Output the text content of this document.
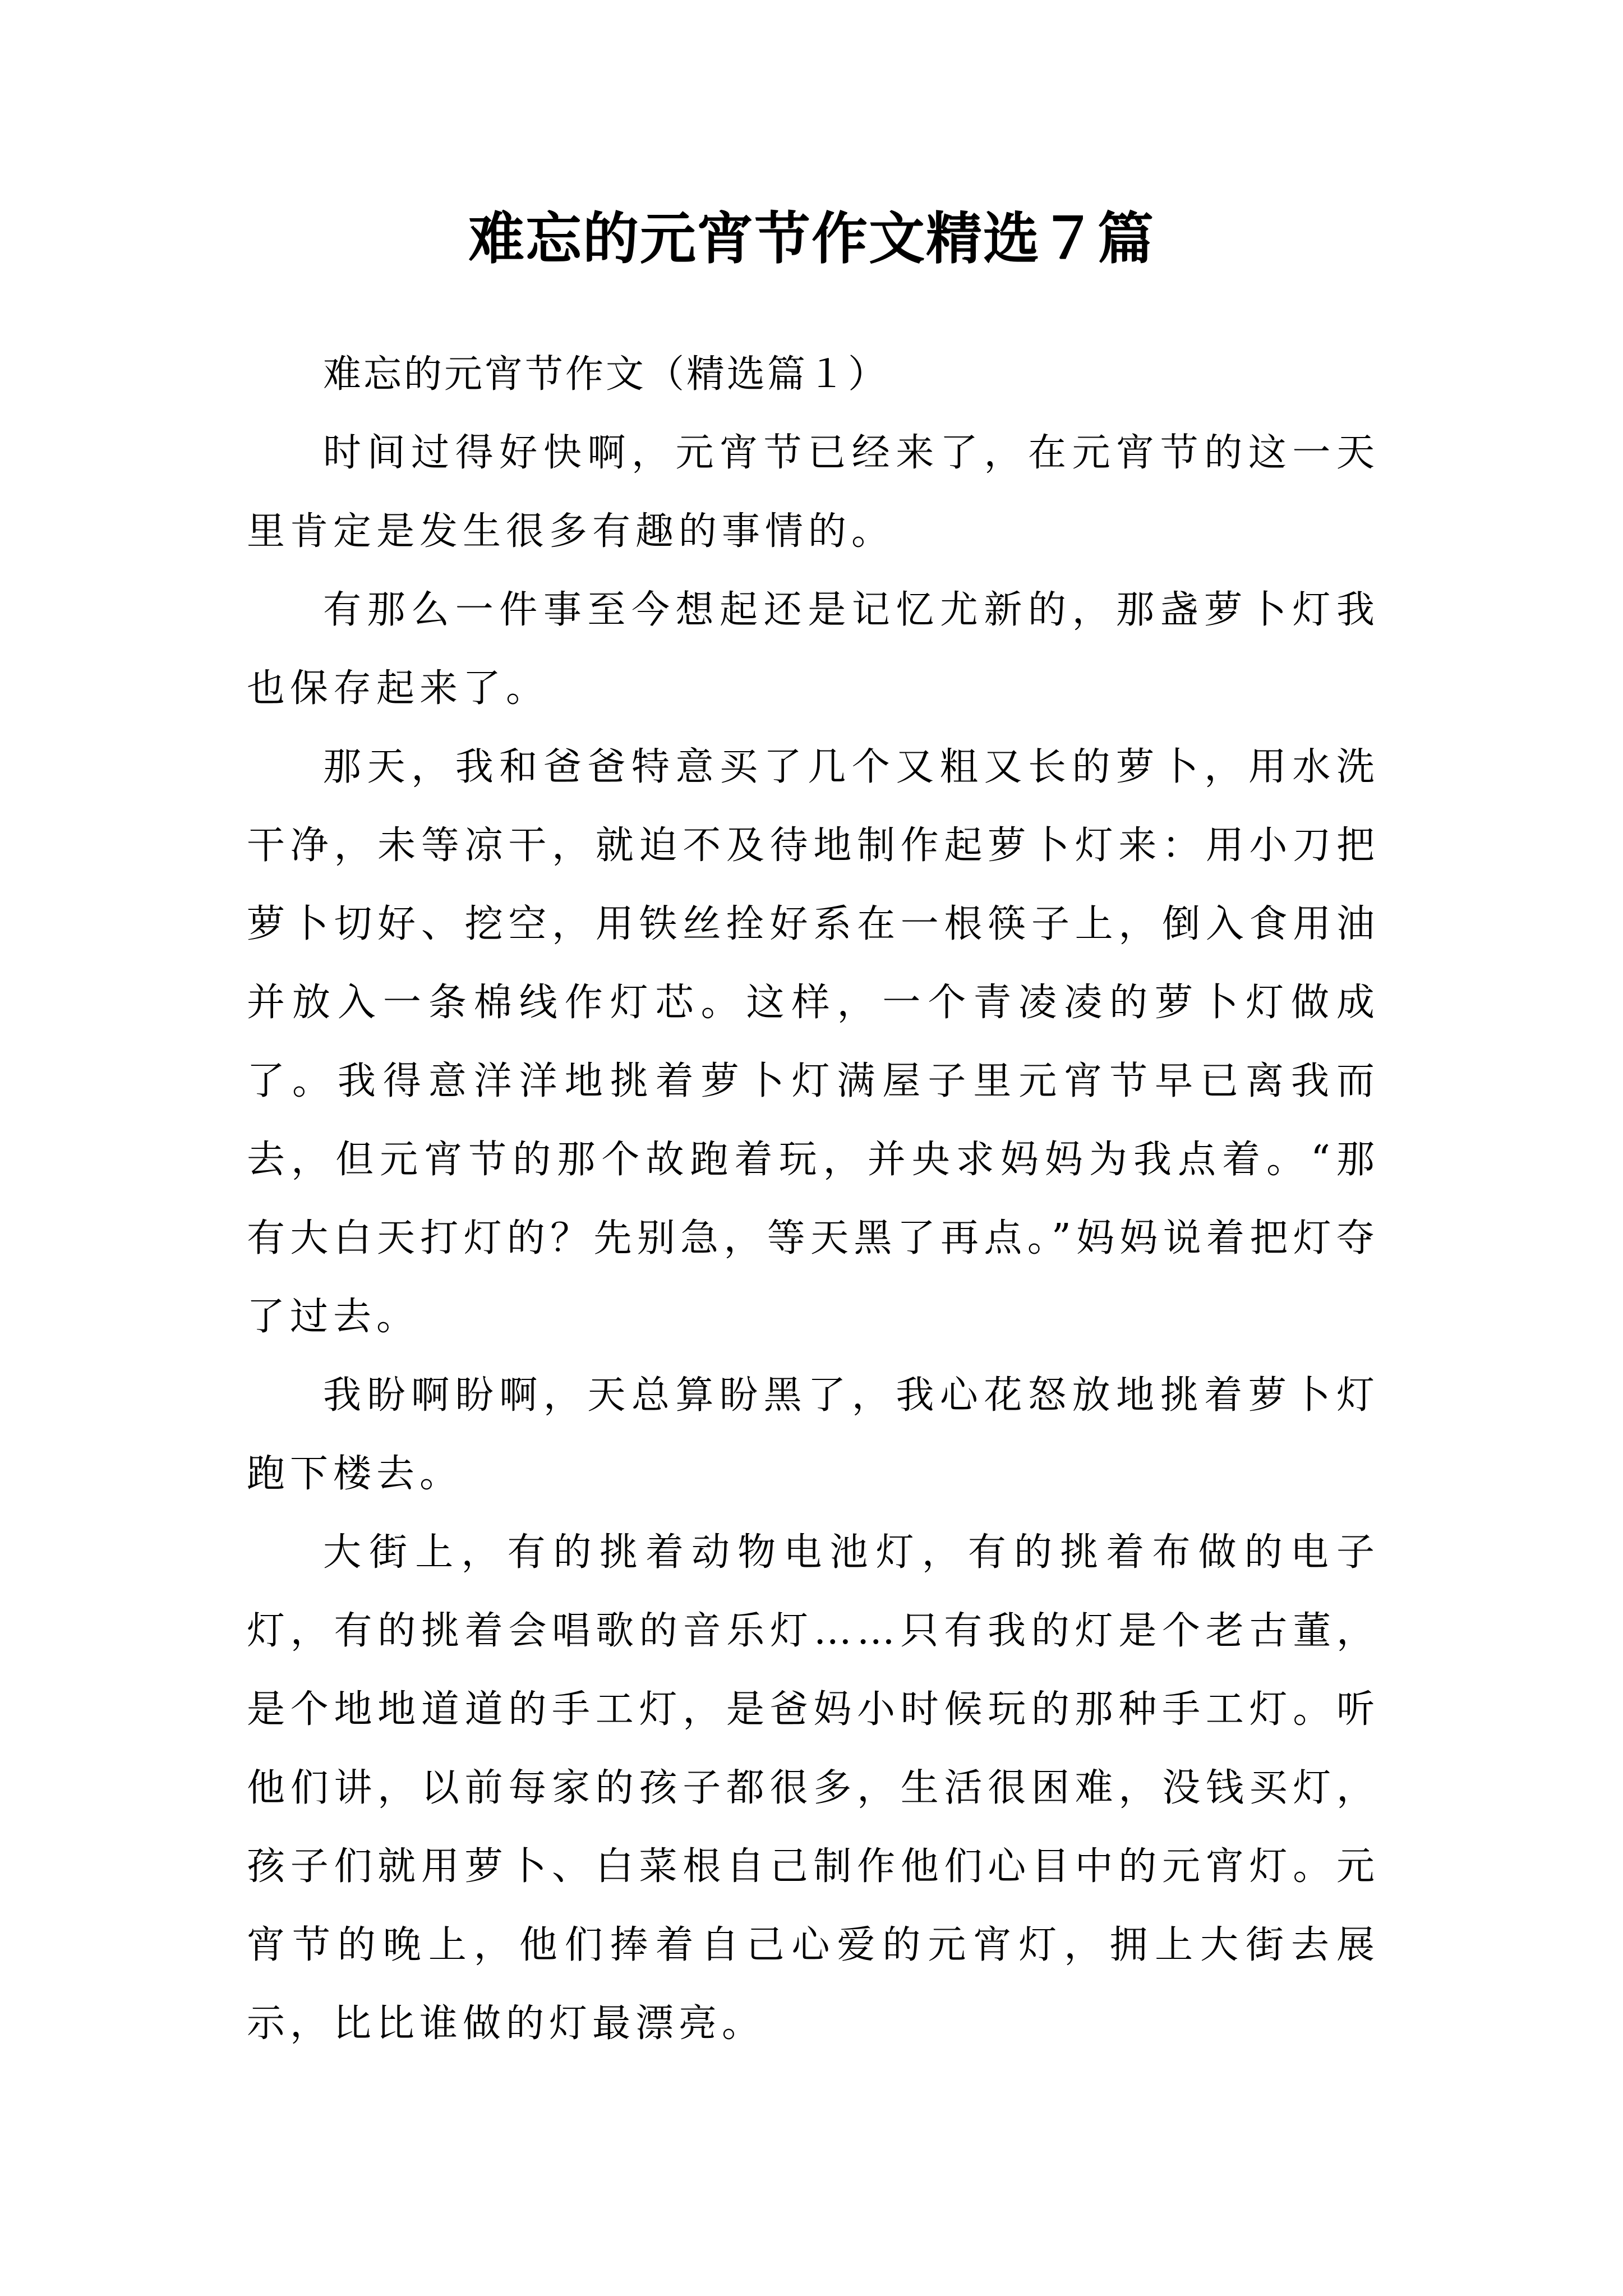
难忘的元宵节作文精选７篇

难忘的元宵节作文（精选篇１）

时间过得好快啊，元宵节已经来了，在元宵节的这一天里肯定是发生很多有趣的事情的。

有那么一件事至今想起还是记忆尤新的，那盏萝卜灯我也保存起来了。

那天，我和爸爸特意买了几个又粗又长的萝卜，用水洗干净，未等凉干，就迫不及待地制作起萝卜灯来：用小刀把萝卜切好、挖空，用铁丝拴好系在一根筷子上，倒入食用油并放入一条棉线作灯芯。这样，一个青凌凌的萝卜灯做成了。我得意洋洋地挑着萝卜灯满屋子里元宵节早已离我而去，但元宵节的那个故跑着玩，并央求妈妈为我点着。“那有大白天打灯的？先别急，等天黑了再点。”妈妈说着把灯夺了过去。

我盼啊盼啊，天总算盼黑了，我心花怒放地挑着萝卜灯跑下楼去。

大街上，有的挑着动物电池灯，有的挑着布做的电子灯，有的挑着会唱歌的音乐灯……只有我的灯是个老古董，是个地地道道的手工灯，是爸妈小时候玩的那种手工灯。听他们讲，以前每家的孩子都很多，生活很困难，没钱买灯，孩子们就用萝卜、白菜根自己制作他们心目中的元宵灯。元宵节的晚上，他们捧着自己心爱的元宵灯，拥上大街去展示，比比谁做的灯最漂亮。
